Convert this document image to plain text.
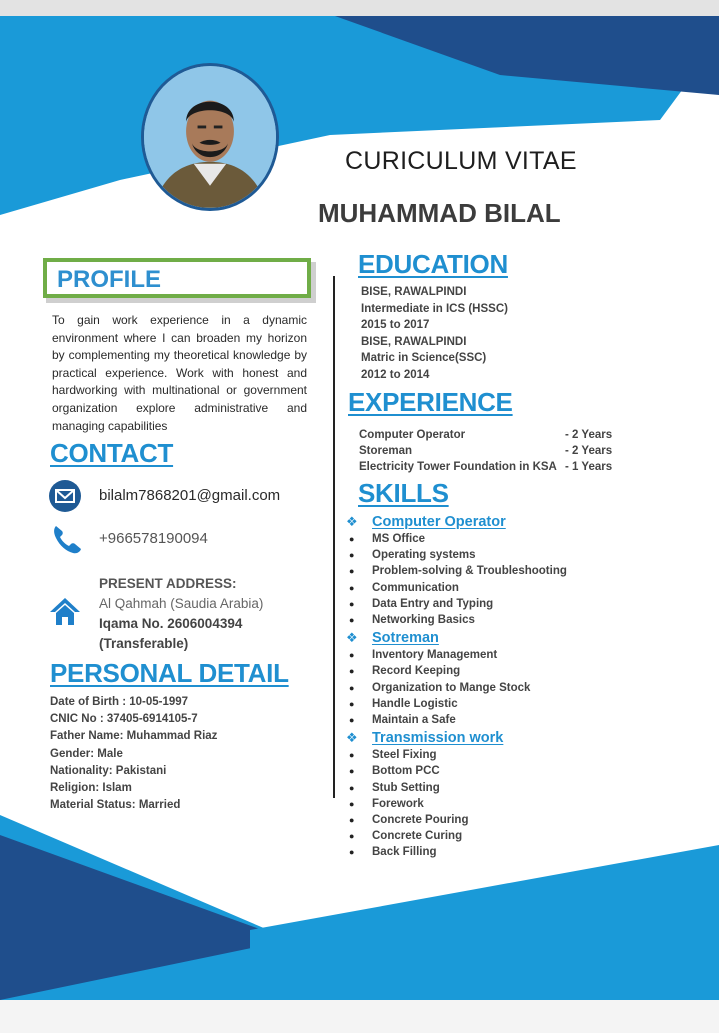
CURICULUM VITAE
MUHAMMAD BILAL
PROFILE
To gain work experience in a dynamic environment where I can broaden my horizon by complementing my theoretical knowledge by practical experience. Work with honest and hardworking with multinational or government organization explore administrative and managing capabilities
CONTACT
bilalm7868201@gmail.com
+966578190094
PRESENT ADDRESS:
Al Qahmah (Saudia Arabia)
Iqama No. 2606004394
(Transferable)
PERSONAL DETAIL
Date of Birth : 10-05-1997
CNIC No : 37405-6914105-7
Father Name: Muhammad Riaz
Gender: Male
Nationality: Pakistani
Religion: Islam
Material Status: Married
EDUCATION
BISE, RAWALPINDI
Intermediate in ICS (HSSC)
2015 to 2017
BISE, RAWALPINDI
Matric in Science(SSC)
2012 to 2014
EXPERIENCE
Computer Operator	- 2 Years
Storeman	- 2 Years
Electricity Tower Foundation in KSA - 1 Years
SKILLS
❖ Computer Operator
●	MS Office
●	Operating systems
●	Problem-solving & Troubleshooting
●	Communication
●	Data Entry and Typing
●	Networking Basics
❖ Sotreman
●	Inventory Management
●	Record Keeping
●	Organization to Mange Stock
●	Handle Logistic
●	Maintain a Safe
❖ Transmission work
●	Steel Fixing
●	Bottom PCC
●	Stub Setting
●	Forework
●	Concrete Pouring
●	Concrete Curing
●	Back Filling
